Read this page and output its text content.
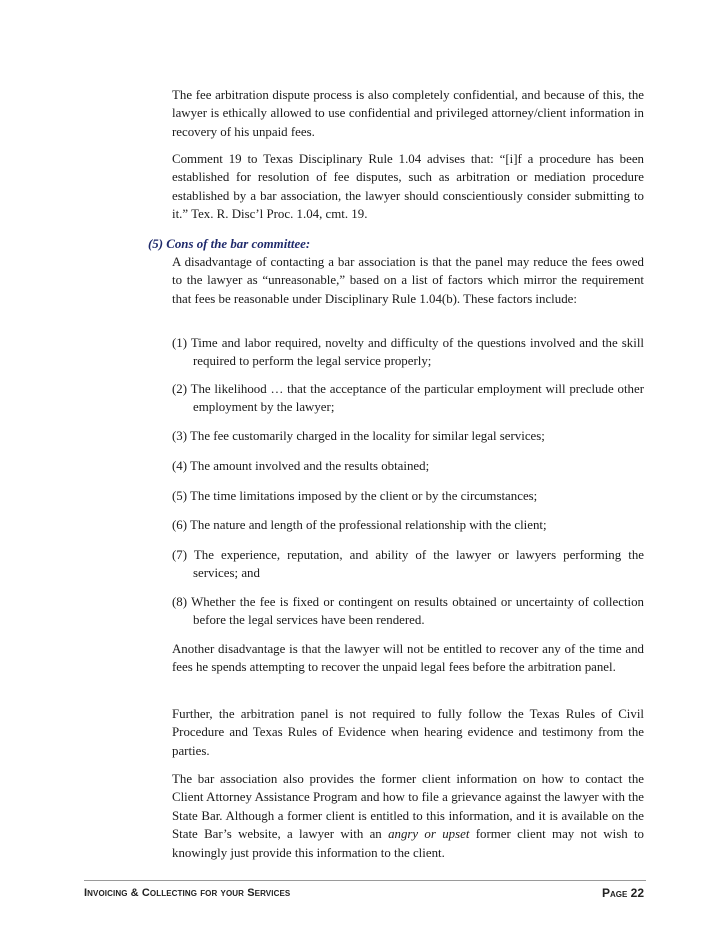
The fee arbitration dispute process is also completely confidential, and because of this, the lawyer is ethically allowed to use confidential and privileged attorney/client information in recovery of his unpaid fees.

Comment 19 to Texas Disciplinary Rule 1.04 advises that: “[i]f a procedure has been established for resolution of fee disputes, such as arbitration or mediation procedure established by a bar association, the lawyer should conscientiously consider submitting to it.” Tex. R. Disc’l Proc. 1.04, cmt. 19.

(5) Cons of the bar committee:

A disadvantage of contacting a bar association is that the panel may reduce the fees owed to the lawyer as “unreasonable,” based on a list of factors which mirror the requirement that fees be reasonable under Disciplinary Rule 1.04(b). These factors include:

(1) Time and labor required, novelty and difficulty of the questions involved and the skill required to perform the legal service properly;

(2) The likelihood … that the acceptance of the particular employment will preclude other employment by the lawyer;

(3) The fee customarily charged in the locality for similar legal services;

(4) The amount involved and the results obtained;

(5) The time limitations imposed by the client or by the circumstances;

(6) The nature and length of the professional relationship with the client;

(7) The experience, reputation, and ability of the lawyer or lawyers performing the services; and

(8) Whether the fee is fixed or contingent on results obtained or uncertainty of collection before the legal services have been rendered.

Another disadvantage is that the lawyer will not be entitled to recover any of the time and fees he spends attempting to recover the unpaid legal fees before the arbitration panel.

Further, the arbitration panel is not required to fully follow the Texas Rules of Civil Procedure and Texas Rules of Evidence when hearing evidence and testimony from the parties.

The bar association also provides the former client information on how to contact the Client Attorney Assistance Program and how to file a grievance against the lawyer with the State Bar. Although a former client is entitled to this information, and it is available on the State Bar’s website, a lawyer with an angry or upset former client may not wish to knowingly just provide this information to the client.

Invoicing & Collecting for your Services	Page 22
